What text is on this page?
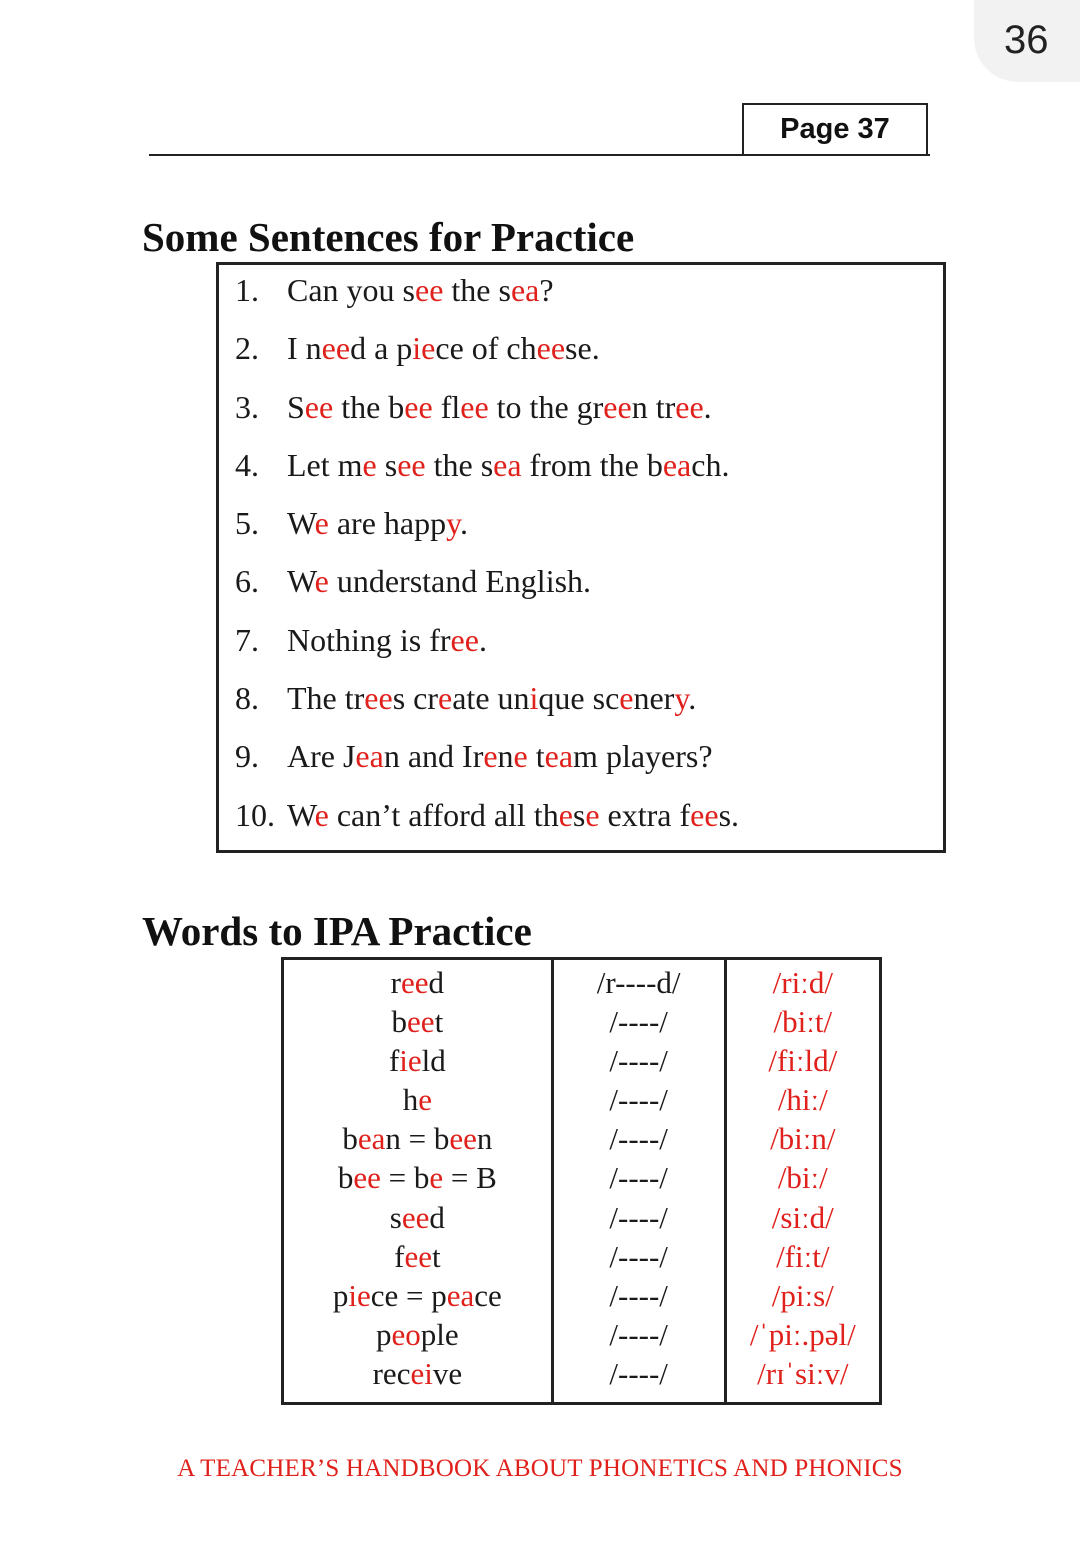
36
Page 37
Some Sentences for Practice
1. Can you see the sea?
2. I need a piece of cheese.
3. See the bee flee to the green tree.
4. Let me see the sea from the beach.
5. We are happy.
6. We understand English.
7. Nothing is free.
8. The trees create unique scenery.
9. Are Jean and Irene team players?
10. We can’t afford all these extra fees.
Words to IPA Practice
reed	/r----d/	/riːd/
beet	/----/	/biːt/
field	/----/	/fiːld/
he	/----/	/hiː/
bean = been	/----/	/biːn/
bee = be = B	/----/	/biː/
seed	/----/	/siːd/
feet	/----/	/fiːt/
piece = peace	/----/	/piːs/
people	/----/	/ˈpiː.pəl/
receive	/----/	/rɪˈsiːv/
A TEACHER’S HANDBOOK ABOUT PHONETICS AND PHONICS
